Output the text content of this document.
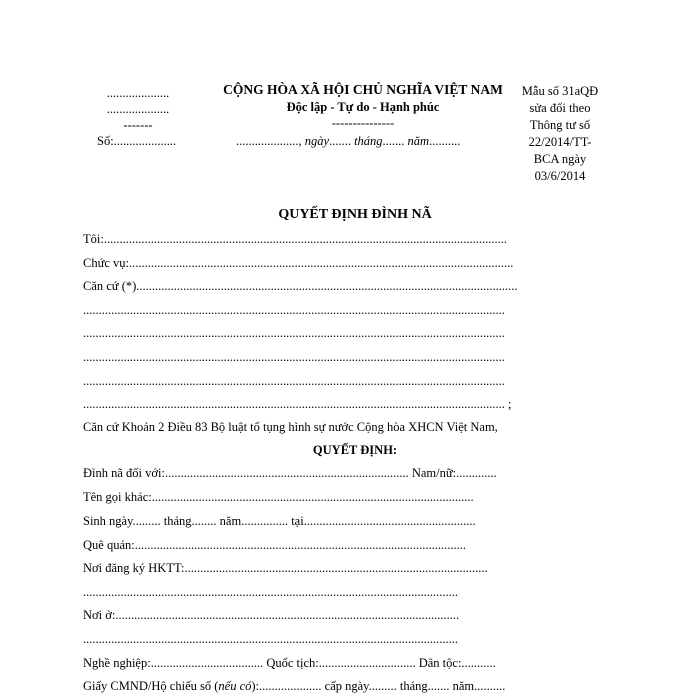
....................
....................
-------
Số:....................
CỘNG HÒA XÃ HỘI CHỦ NGHĨA VIỆT NAM
Độc lập - Tự do - Hạnh phúc
---------------
...................., ngày....... tháng....... năm..........
Mẫu số 31aQĐ
sửa đổi theo
Thông tư số
22/2014/TT-
BCA ngày
03/6/2014
QUYẾT ĐỊNH ĐÌNH NÃ
Tôi:.................................................................................................................................
Chức vụ:...........................................................................................................................
Căn cứ (*)..........................................................................................................................
.......................................................................................................................................
.......................................................................................................................................
.......................................................................................................................................
.......................................................................................................................................
....................................................................................................................................... ;
Căn cứ Khoản 2 Điều 83 Bộ luật tố tụng hình sự nước Cộng hòa XHCN Việt Nam,
QUYẾT ĐỊNH:
Đình nã đối với:.............................................................................. Nam/nữ:.............
Tên gọi khác:.......................................................................................................
Sinh ngày......... tháng........ năm............... tại.......................................................
Quê quán:..........................................................................................................
Nơi đăng ký HKTT:.................................................................................................
........................................................................................................................
Nơi ở:..............................................................................................................
........................................................................................................................
Nghề nghiệp:.................................... Quốc tịch:............................... Dân tộc:...........
Giấy CMND/Hộ chiếu số (nếu có):.................... cấp ngày......... tháng....... năm..........
